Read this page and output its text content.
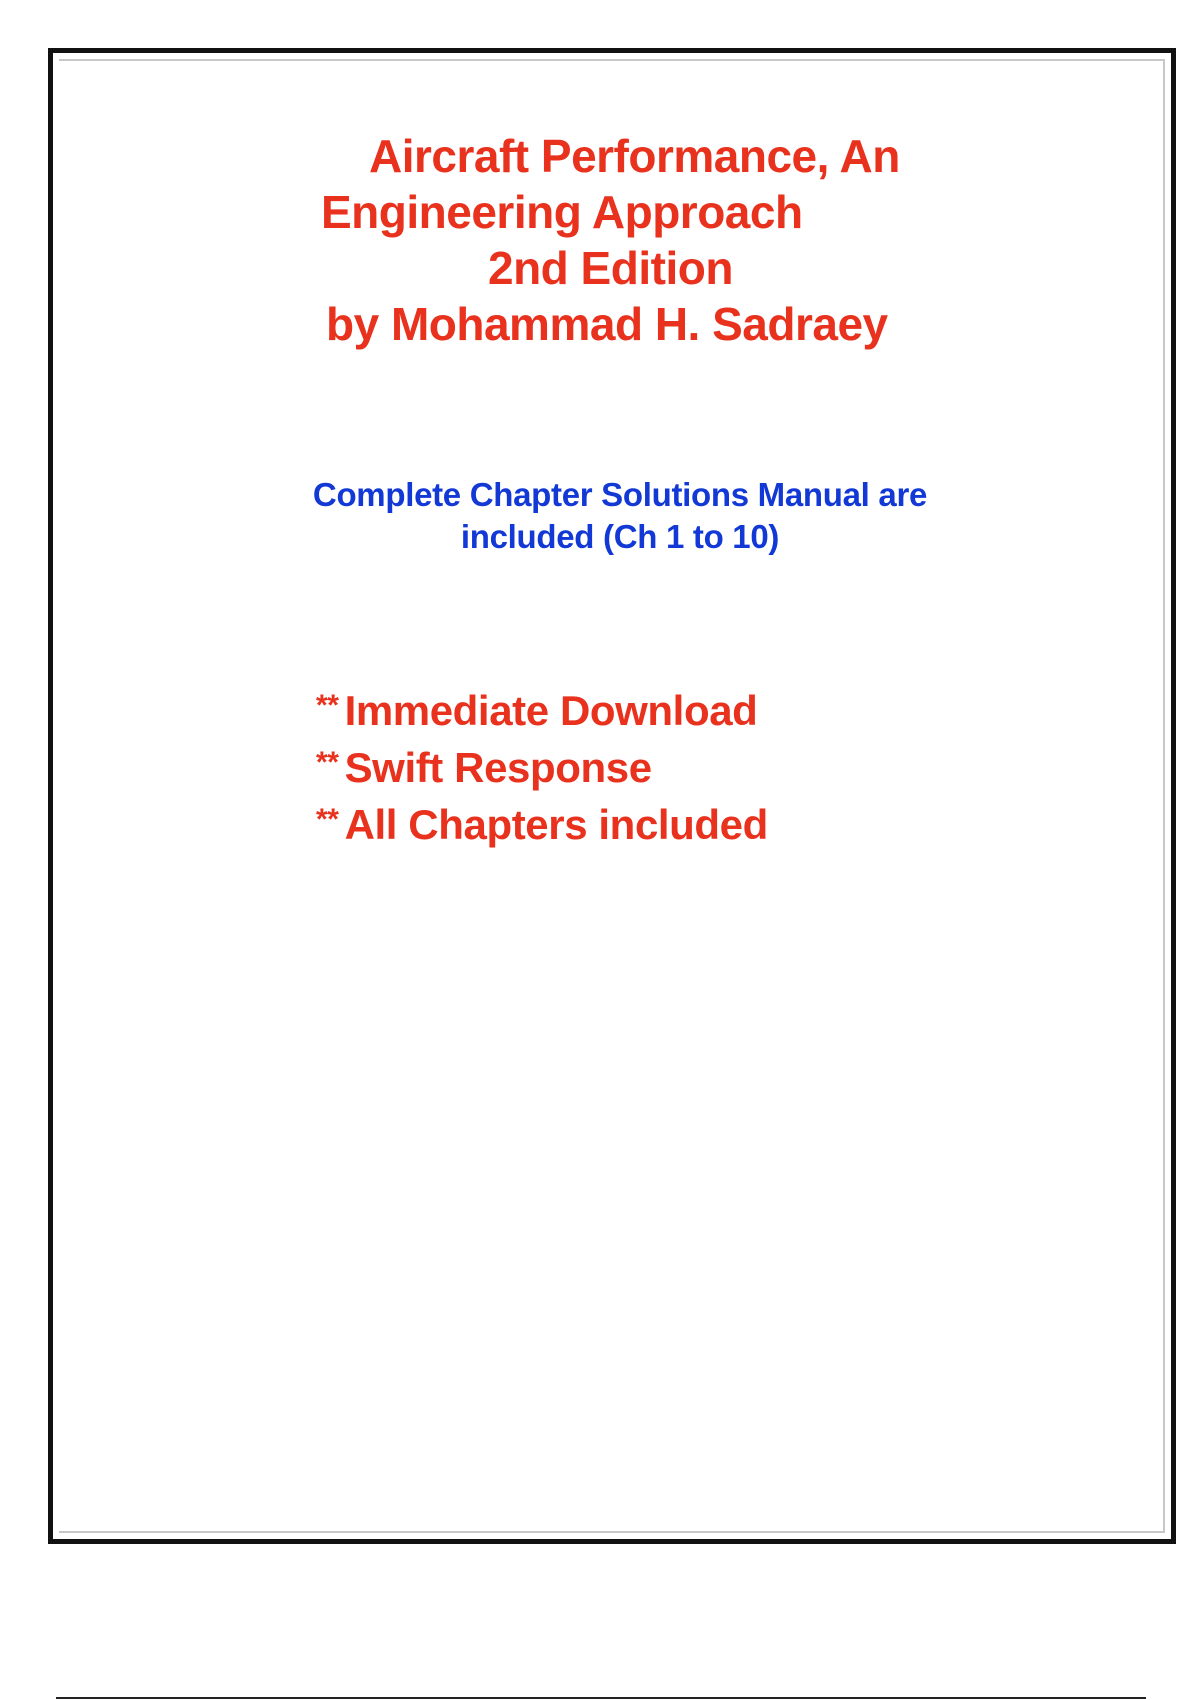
Aircraft Performance, An
Engineering Approach
2nd Edition
by Mohammad H. Sadraey
Complete Chapter Solutions Manual are
included (Ch 1 to 10)
** Immediate Download
** Swift Response
** All Chapters included
